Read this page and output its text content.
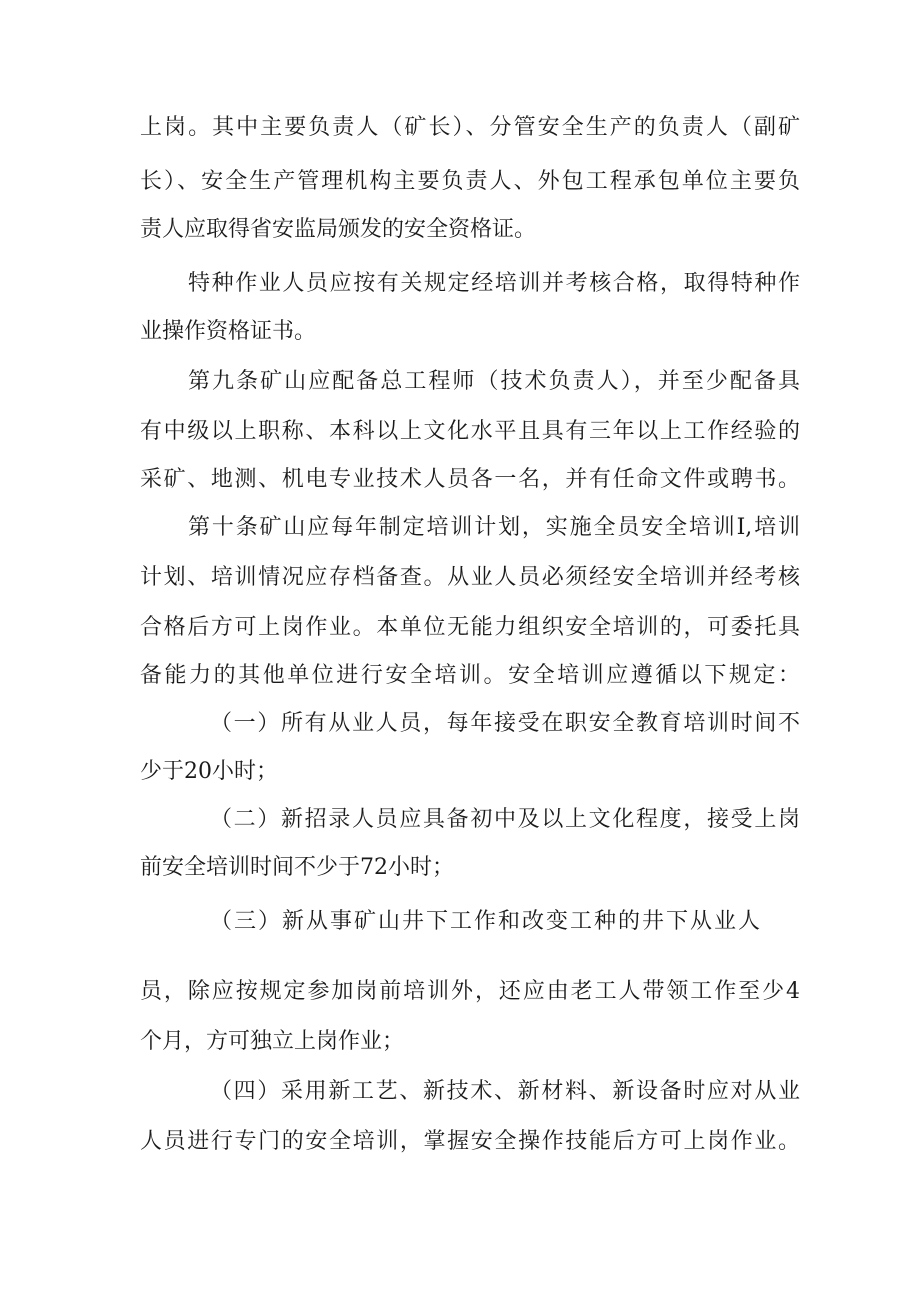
上岗。其中主要负责人（矿长）、分管安全生产的负责人（副矿
长）、安全生产管理机构主要负责人、外包工程承包单位主要负
责人应取得省安监局颁发的安全资格证。
特种作业人员应按有关规定经培训并考核合格，取得特种作
业操作资格证书。
第九条矿山应配备总工程师（技术负责人），并至少配备具
有中级以上职称、本科以上文化水平且具有三年以上工作经验的
采矿、地测、机电专业技术人员各一名，并有任命文件或聘书。
第十条矿山应每年制定培训计划，实施全员安全培训I,培训
计划、培训情况应存档备查。从业人员必须经安全培训并经考核
合格后方可上岗作业。本单位无能力组织安全培训的，可委托具
备能力的其他单位进行安全培训。安全培训应遵循以下规定：
（一）所有从业人员，每年接受在职安全教育培训时间不
少于20小时；
（二）新招录人员应具备初中及以上文化程度，接受上岗
前安全培训时间不少于72小时；
（三）新从事矿山井下工作和改变工种的井下从业人
员，除应按规定参加岗前培训外，还应由老工人带领工作至少4
个月，方可独立上岗作业；
（四）采用新工艺、新技术、新材料、新设备时应对从业
人员进行专门的安全培训，掌握安全操作技能后方可上岗作业。
